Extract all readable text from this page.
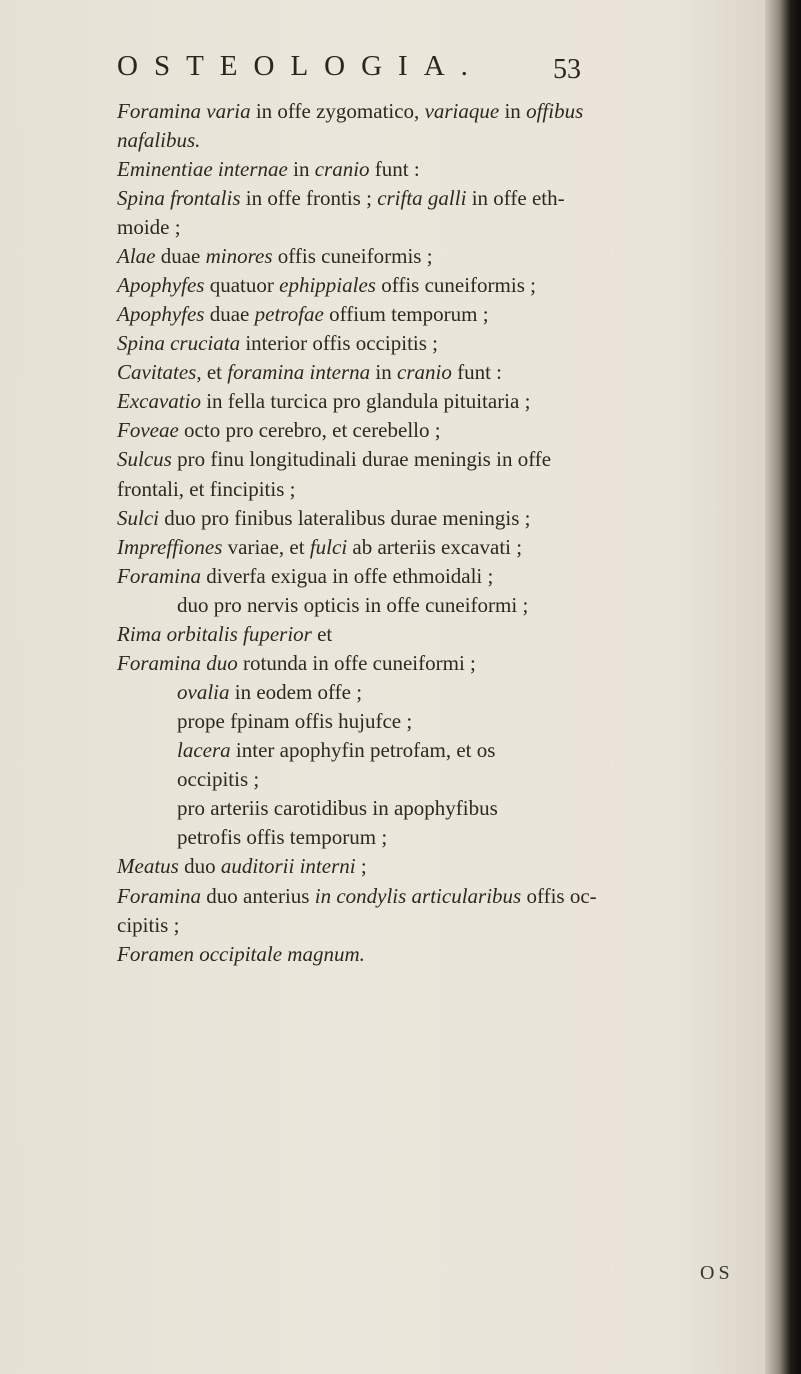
OSTEOLOGIA. 53
Foramina varia in offe zygomatico, variaque in offibus
nafalibus.
Eminentiae internae in cranio funt :
Spina frontalis in offe frontis ; crifta galli in offe eth-
moide ;
Alae duae minores offis cuneiformis ;
Apophyfes quatuor ephippiales offis cuneiformis ;
Apophyfes duae petrofae offium temporum ;
Spina cruciata interior offis occipitis ;
Cavitates, et foramina interna in cranio funt :
Excavatio in fella turcica pro glandula pituitaria ;
Foveae octo pro cerebro, et cerebello ;
Sulcus pro finu longitudinali durae meningis in offe
frontali, et fincipitis ;
Sulci duo pro finibus lateralibus durae meningis ;
Impreffiones variae, et fulci ab arteriis excavati ;
Foramina diverfa exigua in offe ethmoidali ;
duo pro nervis opticis in offe cuneiformi ;
Rima orbitalis fuperior et
Foramina duo rotunda in offe cuneiformi ;
ovalia in eodem offe ;
prope fpinam offis hujufce ;
lacera inter apophyfin petrofam, et os
occipitis ;
pro arteriis carotidibus in apophyfibus
petrofis offis temporum ;
Meatus duo auditorii interni ;
Foramina duo anterius in condylis articularibus offis oc-
cipitis ;
Foramen occipitale magnum.
OS
